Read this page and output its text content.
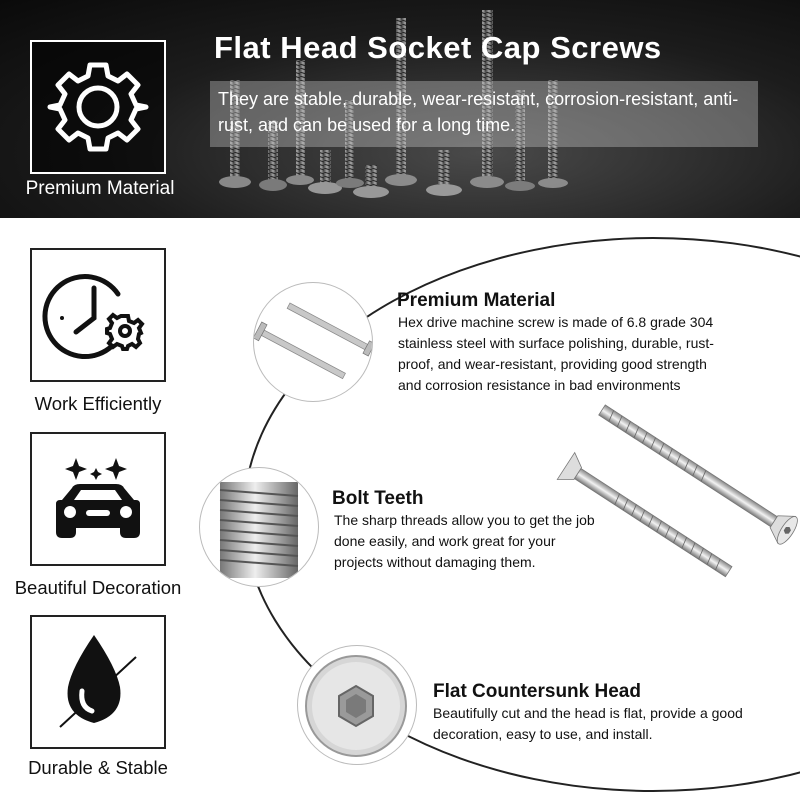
Premium Material
Flat Head Socket Cap Screws
They are stable, durable, wear-resistant, corrosion-resistant, anti-rust, and can be used for a long time.
Work Efficiently
Beautiful Decoration
Durable & Stable
Premium Material
Hex drive machine screw is made of 6.8 grade 304 stainless steel with surface polishing, durable, rust-proof, and wear-resistant, providing good strength and corrosion resistance in bad environments
Bolt Teeth
The sharp threads allow you to get the job done easily, and work great for your projects without damaging them.
Flat Countersunk Head
Beautifully cut and the head is flat, provide a good decoration, easy to use, and install.
